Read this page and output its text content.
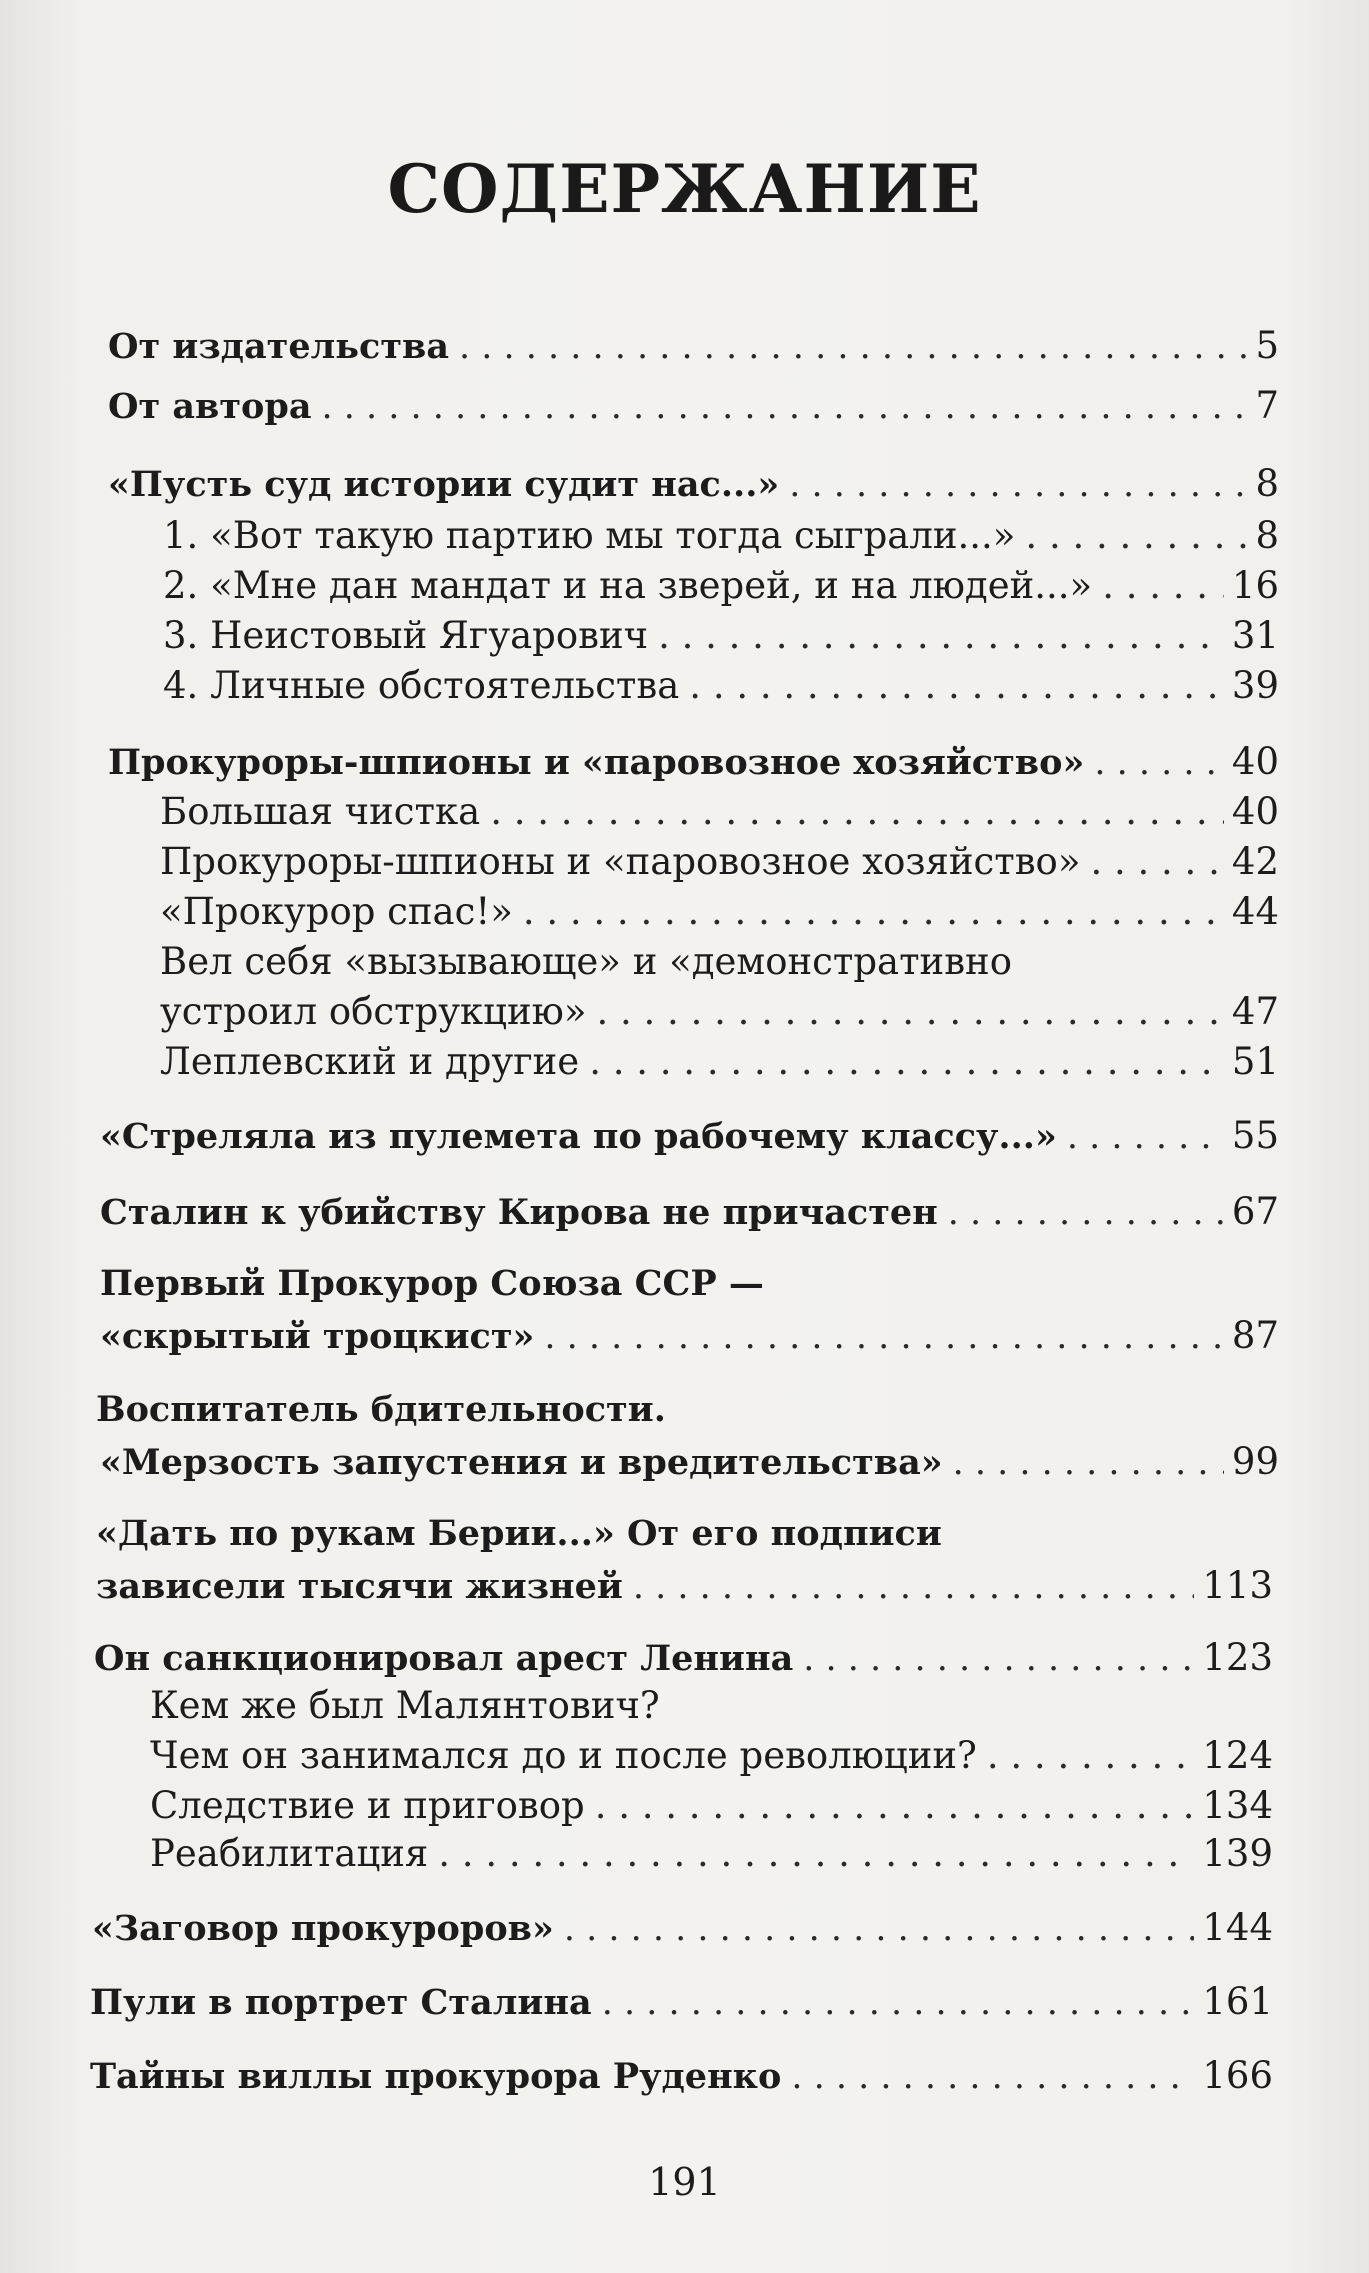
СОДЕРЖАНИЕ
От издательства . . .	5
От автора . . .	7
«Пусть суд истории судит нас...» . . .	8
1. «Вот такую партию мы тогда сыграли...» . . .	8
2. «Мне дан мандат и на зверей, и на людей...» . . .	16
3. Неистовый Ягуарович . . .	31
4. Личные обстоятельства . . .	39
Прокуроры-шпионы и «паровозное хозяйство» . . .	40
Большая чистка . . .	40
Прокуроры-шпионы и «паровозное хозяйство» . . .	42
«Прокурор спас!» . . .	44
Вел себя «вызывающе» и «демонстративно
устроил обструкцию» . . .	47
Леплевский и другие . . .	51
«Стреляла из пулемета по рабочему классу...» . . .	55
Сталин к убийству Кирова не причастен . . .	67
Первый Прокурор Союза ССР —
«скрытый троцкист» . . .	87
Воспитатель бдительности.
«Мерзость запустения и вредительства» . . .	99
«Дать по рукам Берии...» От его подписи
зависели тысячи жизней . . .	113
Он санкционировал арест Ленина . . .	123
Кем же был Малянтович?
Чем он занимался до и после революции? . . .	124
Следствие и приговор . . .	134
Реабилитация . . .	139
«Заговор прокуроров» . . .	144
Пули в портрет Сталина . . .	161
Тайны виллы прокурора Руденко . . .	166
191
